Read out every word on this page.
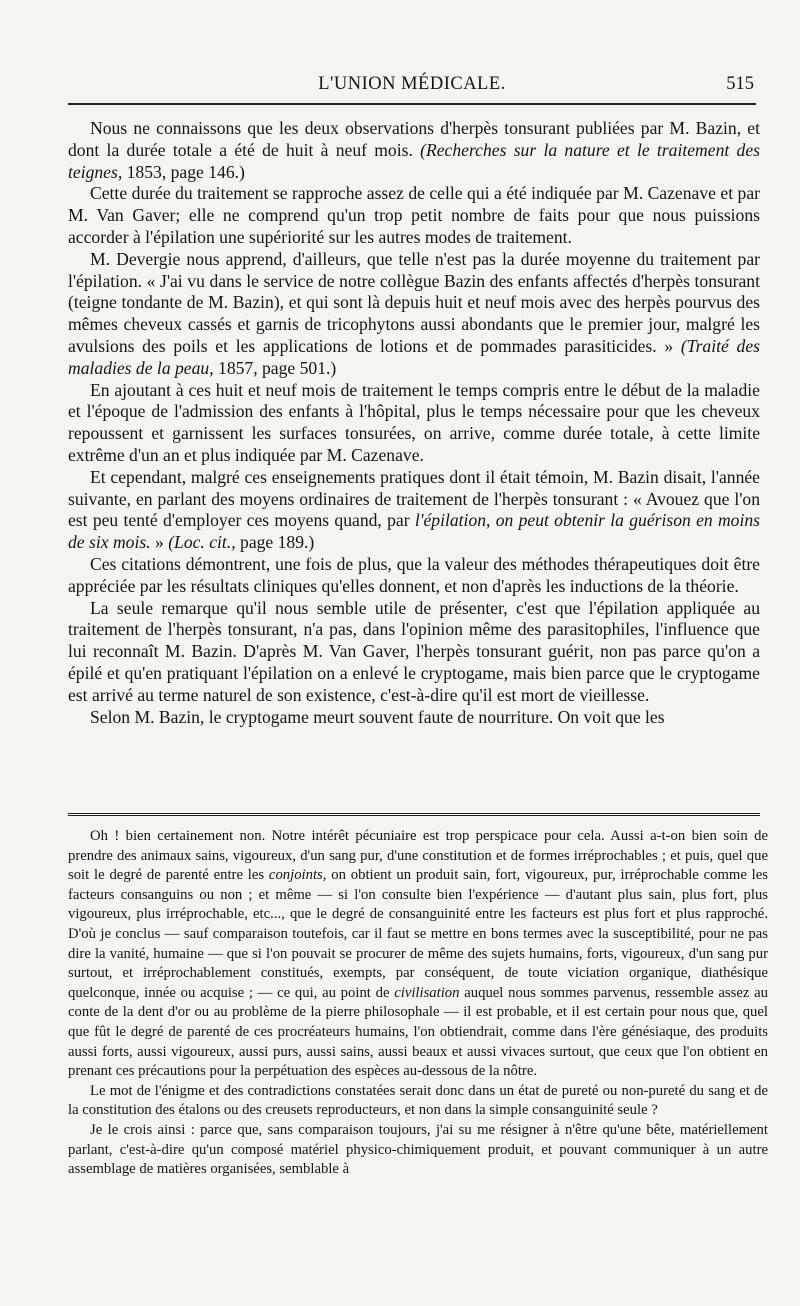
L'UNION MÉDICALE.	515

Nous ne connaissons que les deux observations d'herpès tonsurant publiées par M. Bazin, et dont la durée totale a été de huit à neuf mois. (Recherches sur la nature et le traitement des teignes, 1853, page 146.)

Cette durée du traitement se rapproche assez de celle qui a été indiquée par M. Cazenave et par M. Van Gaver; elle ne comprend qu'un trop petit nombre de faits pour que nous puissions accorder à l'épilation une supériorité sur les autres modes de traitement.

M. Devergie nous apprend, d'ailleurs, que telle n'est pas la durée moyenne du traitement par l'épilation. « J'ai vu dans le service de notre collègue Bazin des enfants affectés d'herpès tonsurant (teigne tondante de M. Bazin), et qui sont là depuis huit et neuf mois avec des herpès pourvus des mêmes cheveux cassés et garnis de tricophytons aussi abondants que le premier jour, malgré les avulsions des poils et les applications de lotions et de pommades parasiticides. » (Traité des maladies de la peau, 1857, page 501.)

En ajoutant à ces huit et neuf mois de traitement le temps compris entre le début de la maladie et l'époque de l'admission des enfants à l'hôpital, plus le temps nécessaire pour que les cheveux repoussent et garnissent les surfaces tonsurées, on arrive, comme durée totale, à cette limite extrême d'un an et plus indiquée par M. Cazenave.

Et cependant, malgré ces enseignements pratiques dont il était témoin, M. Bazin disait, l'année suivante, en parlant des moyens ordinaires de traitement de l'herpès tonsurant : « Avouez que l'on est peu tenté d'employer ces moyens quand, par l'épilation, on peut obtenir la guérison en moins de six mois. » (Loc. cit., page 189.)

Ces citations démontrent, une fois de plus, que la valeur des méthodes thérapeutiques doit être appréciée par les résultats cliniques qu'elles donnent, et non d'après les inductions de la théorie.

La seule remarque qu'il nous semble utile de présenter, c'est que l'épilation appliquée au traitement de l'herpès tonsurant, n'a pas, dans l'opinion même des parasitophiles, l'influence que lui reconnaît M. Bazin. D'après M. Van Gaver, l'herpès tonsurant guérit, non pas parce qu'on a épilé et qu'en pratiquant l'épilation on a enlevé le cryptogame, mais bien parce que le cryptogame est arrivé au terme naturel de son existence, c'est-à-dire qu'il est mort de vieillesse.

Selon M. Bazin, le cryptogame meurt souvent faute de nourriture. On voit que les

Oh ! bien certainement non. Notre intérêt pécuniaire est trop perspicace pour cela. Aussi a-t-on bien soin de prendre des animaux sains, vigoureux, d'un sang pur, d'une constitution et de formes irréprochables ; et puis, quel que soit le degré de parenté entre les conjoints, on obtient un produit sain, fort, vigoureux, pur, irréprochable comme les facteurs consanguins ou non ; et même — si l'on consulte bien l'expérience — d'autant plus sain, plus fort, plus vigoureux, plus irréprochable, etc..., que le degré de consanguinité entre les facteurs est plus fort et plus rapproché. D'où je conclus — sauf comparaison toutefois, car il faut se mettre en bons termes avec la susceptibilité, pour ne pas dire la vanité, humaine — que si l'on pouvait se procurer de même des sujets humains, forts, vigoureux, d'un sang pur surtout, et irréprochablement constitués, exempts, par conséquent, de toute viciation organique, diathésique quelconque, innée ou acquise ; — ce qui, au point de civilisation auquel nous sommes parvenus, ressemble assez au conte de la dent d'or ou au problème de la pierre philosophale — il est probable, et il est certain pour nous que, quel que fût le degré de parenté de ces procréateurs humains, l'on obtiendrait, comme dans l'ère génésiaque, des produits aussi forts, aussi vigoureux, aussi purs, aussi sains, aussi beaux et aussi vivaces surtout, que ceux que l'on obtient en prenant ces précautions pour la perpétuation des espèces au-dessous de la nôtre.

Le mot de l'énigme et des contradictions constatées serait donc dans un état de pureté ou non-pureté du sang et de la constitution des étalons ou des creusets reproducteurs, et non dans la simple consanguinité seule ?

Je le crois ainsi : parce que, sans comparaison toujours, j'ai su me résigner à n'être qu'une bête, matériellement parlant, c'est-à-dire qu'un composé matériel physico-chimiquement produit, et pouvant communiquer à un autre assemblage de matières organisées, semblable à
